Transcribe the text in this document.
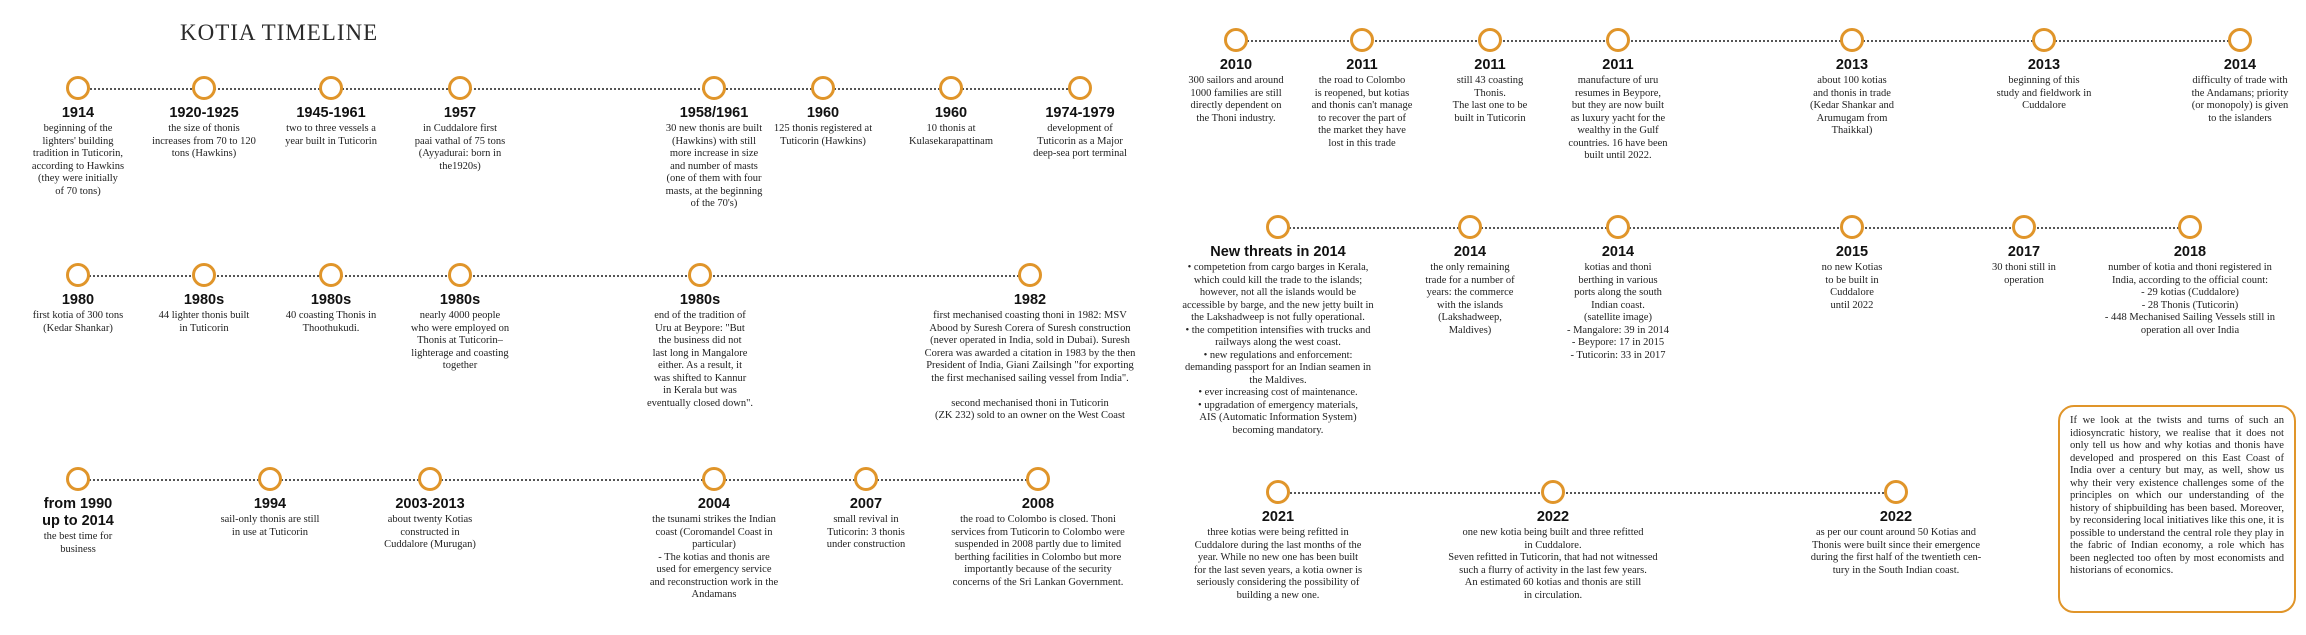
KOTIA TIMELINE
1914
beginning of the
lighters' building
tradition in Tuticorin,
according to Hawkins
(they were initially
of 70 tons)
1920-1925
the size of thonis
increases from 70 to 120
tons (Hawkins)
1945-1961
two to three vessels a
year built in Tuticorin
1957
in Cuddalore first
paai vathal of 75 tons
(Ayyadurai: born in
the1920s)
1958/1961
30 new thonis are built
(Hawkins) with still
more increase in size
and number of masts
(one of them with four
masts, at the beginning
of the 70's)
1960
125 thonis registered at
Tuticorin (Hawkins)
1960
10 thonis at
Kulasekarapattinam
1974-1979
development of
Tuticorin as a Major
deep-sea port terminal
1980
first kotia of 300 tons
(Kedar Shankar)
1980s
44 lighter thonis built
in Tuticorin
1980s
40 coasting Thonis in
Thoothukudi.
1980s
nearly 4000 people
who were employed on
Thonis at Tuticorin–
lighterage and coasting
together
1980s
end of the tradition of
Uru at Beypore: "But
the business did not
last long in Mangalore
either. As a result, it
was shifted to Kannur
in Kerala but was
eventually closed down".
1982
first mechanised coasting thoni in 1982: MSV
Abood by Suresh Corera of Suresh construction
(never operated in India, sold in Dubai). Suresh
Corera was awarded a citation in 1983 by the then
President of India, Giani Zailsingh "for exporting
the first mechanised sailing vessel from India".

second mechanised thoni in Tuticorin
(ZK 232) sold to an owner on the West Coast
from 1990
up to 2014
the best time for
business
1994
sail-only thonis are still
in use at Tuticorin
2003-2013
about twenty Kotias
constructed in
Cuddalore (Murugan)
2004
the tsunami strikes the Indian
coast (Coromandel Coast in
particular)
- The kotias and thonis are
used for emergency service
and reconstruction work in the
Andamans
2007
small revival in
Tuticorin: 3 thonis
under construction
2008
the road to Colombo is closed. Thoni
services from Tuticorin to Colombo were
suspended in 2008 partly due to limited
berthing facilities in Colombo but more
importantly because of the security
concerns of the Sri Lankan Government.
2010
300 sailors and around
1000 families are still
directly dependent on
the Thoni industry.
2011
the road to Colombo
is reopened, but kotias
and thonis can't manage
to recover the part of
the market they have
lost in this trade
2011
still 43 coasting
Thonis.
The last one to be
built in Tuticorin
2011
manufacture of uru
resumes in Beypore,
but they are now built
as luxury yacht for the
wealthy in the Gulf
countries. 16 have been
built until 2022.
2013
about 100 kotias
and thonis in trade
(Kedar Shankar and
Arumugam from
Thaikkal)
2013
beginning of this
study and fieldwork in
Cuddalore
2014
difficulty of trade with
the Andamans; priority
(or monopoly) is given
to the islanders
New threats in 2014
• competetion from cargo barges in Kerala,
which could kill the trade to the islands;
however, not all the islands would be
accessible by barge, and the new jetty built in
the Lakshadweep is not fully operational.
• the competition intensifies with trucks and
railways along the west coast.
• new regulations and enforcement:
demanding passport for an Indian seamen in
the Maldives.
• ever increasing cost of maintenance.
• upgradation of emergency materials,
AIS (Automatic Information System)
becoming mandatory.
2014
the only remaining
trade for a number of
years: the commerce
with the islands
(Lakshadweep,
Maldives)
2014
kotias and thoni
berthing in various
ports along the south
Indian coast.
(satellite image)
- Mangalore: 39 in 2014
- Beypore: 17 in 2015
- Tuticorin: 33 in 2017
2015
no new Kotias
to be built in
Cuddalore
until 2022
2017
30 thoni still in
operation
2018
number of kotia and thoni registered in
India, according to the official count:
- 29 kotias (Cuddalore)
- 28 Thonis (Tuticorin)
- 448 Mechanised Sailing Vessels still in
operation all over India
2021
three kotias were being refitted in
Cuddalore during the last months of the
year. While no new one has been built
for the last seven years, a kotia owner is
seriously considering the possibility of
building a new one.
2022
one new kotia being built and three refitted
in Cuddalore.
Seven refitted in Tuticorin, that had not witnessed
such a flurry of activity in the last few years.
An estimated 60 kotias and thonis are still
in circulation.
2022
as per our count around 50 Kotias and
Thonis were built since their emergence
during the first half of the twentieth cen-
tury in the South Indian coast.
If we look at the twists and turns of such an idiosyncratic history, we realise that it does not only tell us how and why kotias and thonis have developed and prospered on this East Coast of India over a century but may, as well, show us why their very existence challenges some of the principles on which our understanding of the history of shipbuilding has been based. Moreover, by reconsidering local initiatives like this one, it is possible to understand the central role they play in the fabric of Indian economy, a role which has been neglected too often by most economists and historians of economics.
